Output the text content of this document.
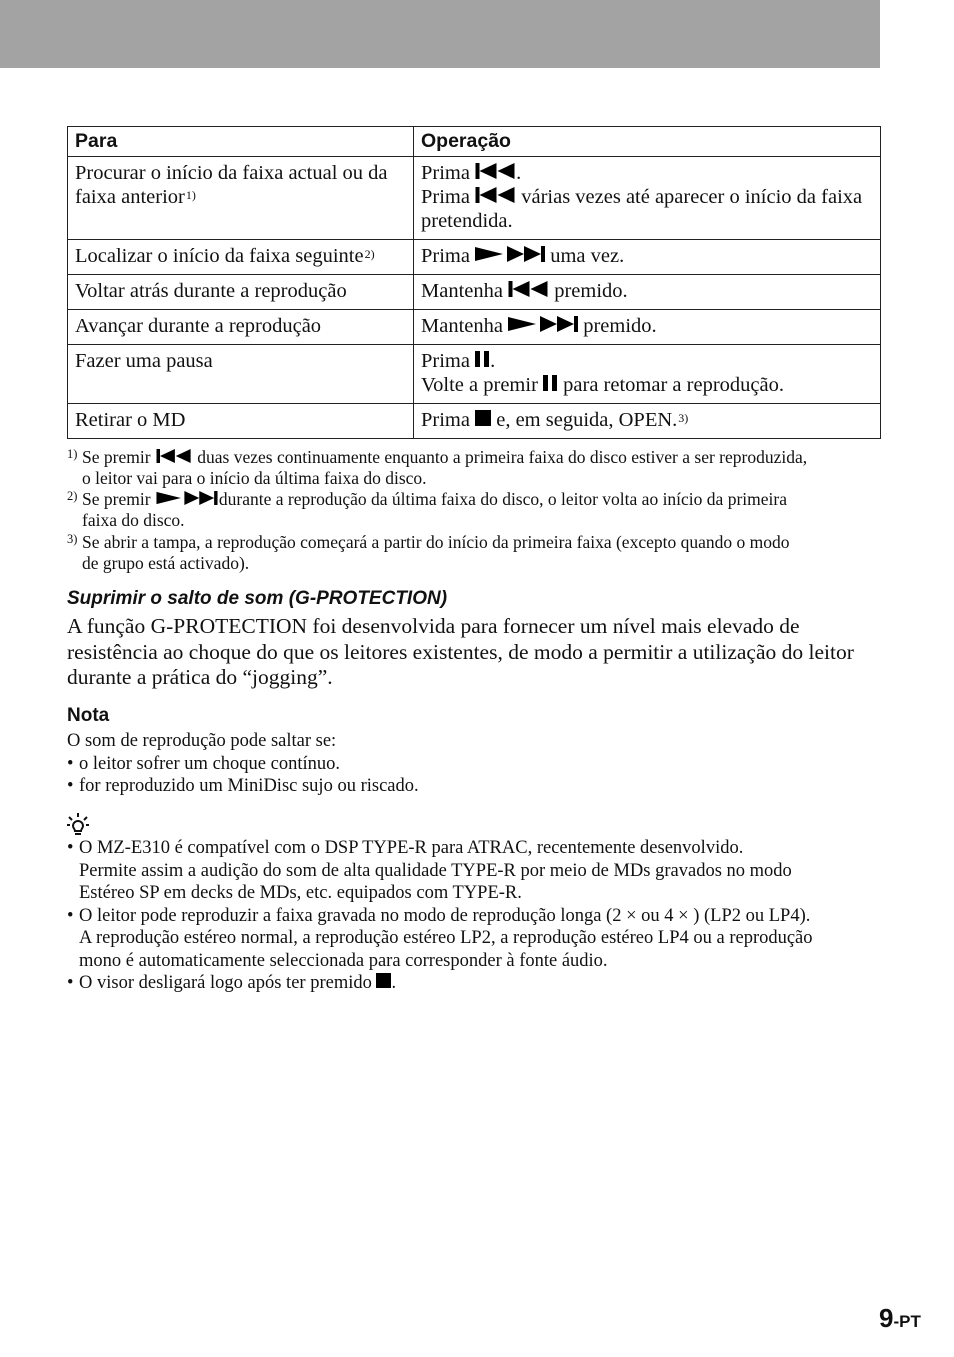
Para	Operação
Procurar o início da faixa actual ou da faixa anterior$^{1)}$	Prima .
Prima várias vezes até aparecer o início da faixa pretendida.
Localizar o início da faixa seguinte$^{2)}$	Prima uma vez.
Voltar atrás durante a reprodução	Mantenha premido.
Avançar durante a reprodução	Mantenha premido.
Fazer uma pausa	Prima .
Volte a premir para retomar a reprodução.
Retirar o MD	Prima e, em seguida, OPEN.$^{3)}$
1) Se premir	duas vezes continuamente enquanto a primeira faixa do disco estiver a ser reproduzida,
o leitor vai para o início da última faixa do disco.
2) Se premir	durante a reprodução da última faixa do disco, o leitor volta ao início da primeira
faixa do disco.
3) Se abrir a tampa, a reprodução começará a partir do início da primeira faixa (excepto quando o modo
de grupo está activado).
Suprimir o salto de som (G-PROTECTION)
A função G-PROTECTION foi desenvolvida para fornecer um nível mais elevado de resistência ao choque do que os leitores existentes, de modo a permitir a utilização do leitor durante a prática do “jogging”.
Nota
O som de reprodução pode saltar se:
• o leitor sofrer um choque contínuo.
• for reproduzido um MiniDisc sujo ou riscado.
• O MZ-E310 é compatível com o DSP TYPE-R para ATRAC, recentemente desenvolvido.
Permite assim a audição do som de alta qualidade TYPE-R por meio de MDs gravados no modo
Estéreo SP em decks de MDs, etc. equipados com TYPE-R.
• O leitor pode reproduzir a faixa gravada no modo de reprodução longa (2 × ou 4 × ) (LP2 ou LP4).
A reprodução estéreo normal, a reprodução estéreo LP2, a reprodução estéreo LP4 ou a reprodução
mono é automaticamente seleccionada para corresponder à fonte áudio.
• O visor desligará logo após ter premido .
9-PT
